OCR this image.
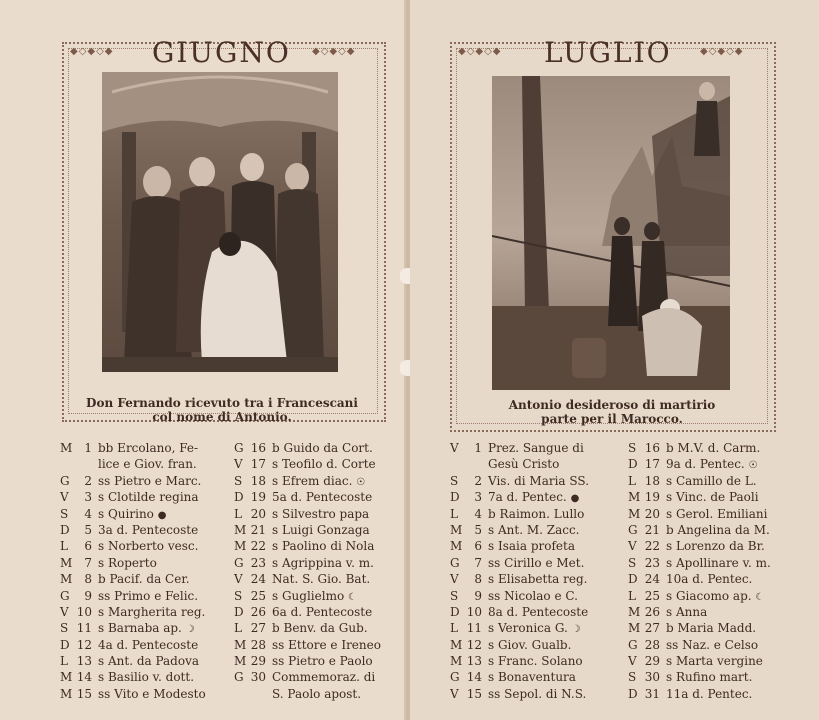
◆◇◆◇◆	◆◇◆◇◆
GIUGNO
Don Fernando ricevuto tra i Francescani
col nome di Antonio.
M	1 bb Ercolano, Fe-
lice e Giov. fran.
G	2 ss Pietro e Marc.
V	3 s Clotilde regina
S	4 s Quirino ●
D	5 3a d. Pentecoste
L	6 s Norberto vesc.
M	7 s Roperto
M	8 b Pacif. da Cer.
G	9 ss Primo e Felic.
V 10 s Margherita reg.
S 11 s Barnaba ap. ☽
D 12 4a d. Pentecoste
L 13 s Ant. da Padova
M 14 s Basilio v. dott.
M 15 ss Vito e Modesto
G 16 b Guido da Cort.
V 17 s Teofilo d. Corte
S 18 s Efrem diac. ☉
D 19 5a d. Pentecoste
L 20 s Silvestro papa
M 21 s Luigi Gonzaga
M 22 s Paolino di Nola
G 23 s Agrippina v. m.
V 24 Nat. S. Gio. Bat.
S 25 s Guglielmo ☾
D 26 6a d. Pentecoste
L 27 b Benv. da Gub.
M 28 ss Ettore e Ireneo
M 29 ss Pietro e Paolo
G 30 Commemoraz. di
S. Paolo apost.
◆◇◆◇◆	◆◇◆◇◆
LUGLIO
Antonio desideroso di martirio
parte per il Marocco.
V	1 Prez. Sangue di
Gesù Cristo
S	2 Vis. di Maria SS.
D	3 7a d. Pentec. ●
L	4 b Raimon. Lullo
M	5 s Ant. M. Zacc.
M	6 s Isaia profeta
G	7 ss Cirillo e Met.
V	8 s Elisabetta reg.
S	9 ss Nicolao e C.
D 10 8a d. Pentecoste
L 11 s Veronica G. ☽
M 12 s Giov. Gualb.
M 13 s Franc. Solano
G 14 s Bonaventura
V 15 ss Sepol. di N.S.
S 16 b M.V. d. Carm.
D 17 9a d. Pentec. ☉
L 18 s Camillo de L.
M 19 s Vinc. de Paoli
M 20 s Gerol. Emiliani
G 21 b Angelina da M.
V 22 s Lorenzo da Br.
S 23 s Apollinare v. m.
D 24 10a d. Pentec.
L 25 s Giacomo ap. ☾
M 26 s Anna
M 27 b Maria Madd.
G 28 ss Naz. e Celso
V 29 s Marta vergine
S 30 s Rufino mart.
D 31 11a d. Pentec.
